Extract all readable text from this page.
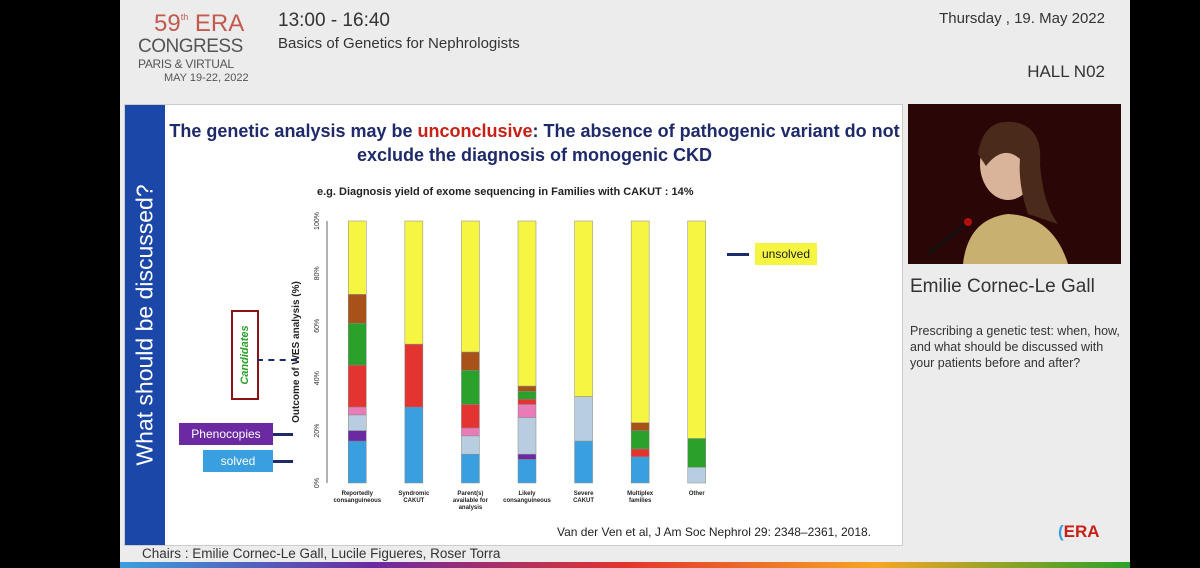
59th ERA
CONGRESS
PARIS & VIRTUAL
MAY 19-22, 2022
13:00 - 16:40
Basics of Genetics for Nephrologists
Thursday , 19. May 2022
HALL N02
What should be discussed?
The genetic analysis may be unconclusive: The absence of pathogenic variant do not exclude the diagnosis of monogenic CKD
e.g. Diagnosis yield of exome sequencing in Families with CAKUT : 14%
Outcome of WES analysis (%)
0%
20%
40%
60%
80%
100%
Reportedly
consanguineous
Syndromic
CAKUT
Parent(s)
available for
analysis
Likely
consanguineous
Severe
CAKUT
Multiplex
families
Other
unsolved
Candidates
Phenocopies
solved
Van der Ven et al, J Am Soc Nephrol 29: 2348–2361, 2018.
Emilie Cornec-Le Gall
Prescribing a genetic test: when, how, and what should be discussed with your patients before and after?
Chairs : Emilie Cornec-Le Gall, Lucile Figueres, Roser Torra
(ERA
